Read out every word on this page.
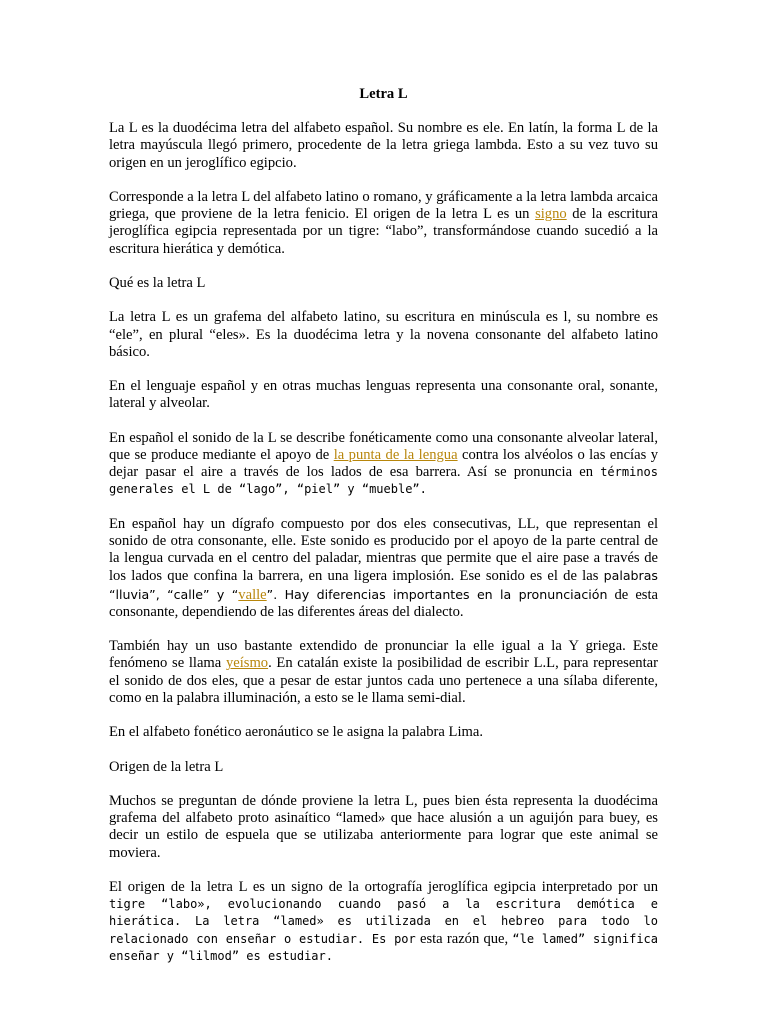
Letra L

La L es la duodécima letra del alfabeto español. Su nombre es ele. En latín, la forma L de la letra mayúscula llegó primero, procedente de la letra griega lambda. Esto a su vez tuvo su origen en un jeroglífico egipcio.

Corresponde a la letra L del alfabeto latino o romano, y gráficamente a la letra lambda arcaica griega, que proviene de la letra fenicio. El origen de la letra L es un signo de la escritura jeroglífica egipcia representada por un tigre: “labo”, transformándose cuando sucedió a la escritura hierática y demótica.

Qué es la letra L

La letra L es un grafema del alfabeto latino, su escritura en minúscula es l, su nombre es “ele”, en plural “eles». Es la duodécima letra y la novena consonante del alfabeto latino básico.

En el lenguaje español y en otras muchas lenguas representa una consonante oral, sonante, lateral y alveolar.

En español el sonido de la L se describe fonéticamente como una consonante alveolar lateral, que se produce mediante el apoyo de la punta de la lengua contra los alvéolos o las encías y dejar pasar el aire a través de los lados de esa barrera. Así se pronuncia en términos generales el L de “lago”, “piel” y “mueble”.

En español hay un dígrafo compuesto por dos eles consecutivas, LL, que representan el sonido de otra consonante, elle. Este sonido es producido por el apoyo de la parte central de la lengua curvada en el centro del paladar, mientras que permite que el aire pase a través de los lados que confina la barrera, en una ligera implosión. Ese sonido es el de las palabras “lluvia”, “calle” y “valle”. Hay diferencias importantes en la pronunciación de esta consonante, dependiendo de las diferentes áreas del dialecto.

También hay un uso bastante extendido de pronunciar la elle igual a la Y griega. Este fenómeno se llama yeísmo. En catalán existe la posibilidad de escribir L.L, para representar el sonido de dos eles, que a pesar de estar juntos cada uno pertenece a una sílaba diferente, como en la palabra illuminación, a esto se le llama semi-dial.

En el alfabeto fonético aeronáutico se le asigna la palabra Lima.

Origen de la letra L

Muchos se preguntan de dónde proviene la letra L, pues bien ésta representa la duodécima grafema del alfabeto proto asinaítico “lamed» que hace alusión a un aguijón para buey, es decir un estilo de espuela que se utilizaba anteriormente para lograr que este animal se moviera.

El origen de la letra L es un signo de la ortografía jeroglífica egipcia interpretado por un tigre “labo», evolucionando cuando pasó a la escritura demótica e hierática. La letra “lamed» es utilizada en el hebreo para todo lo relacionado con enseñar o estudiar. Es por esta razón que, “le lamed” significa enseñar y “lilmod” es estudiar.
